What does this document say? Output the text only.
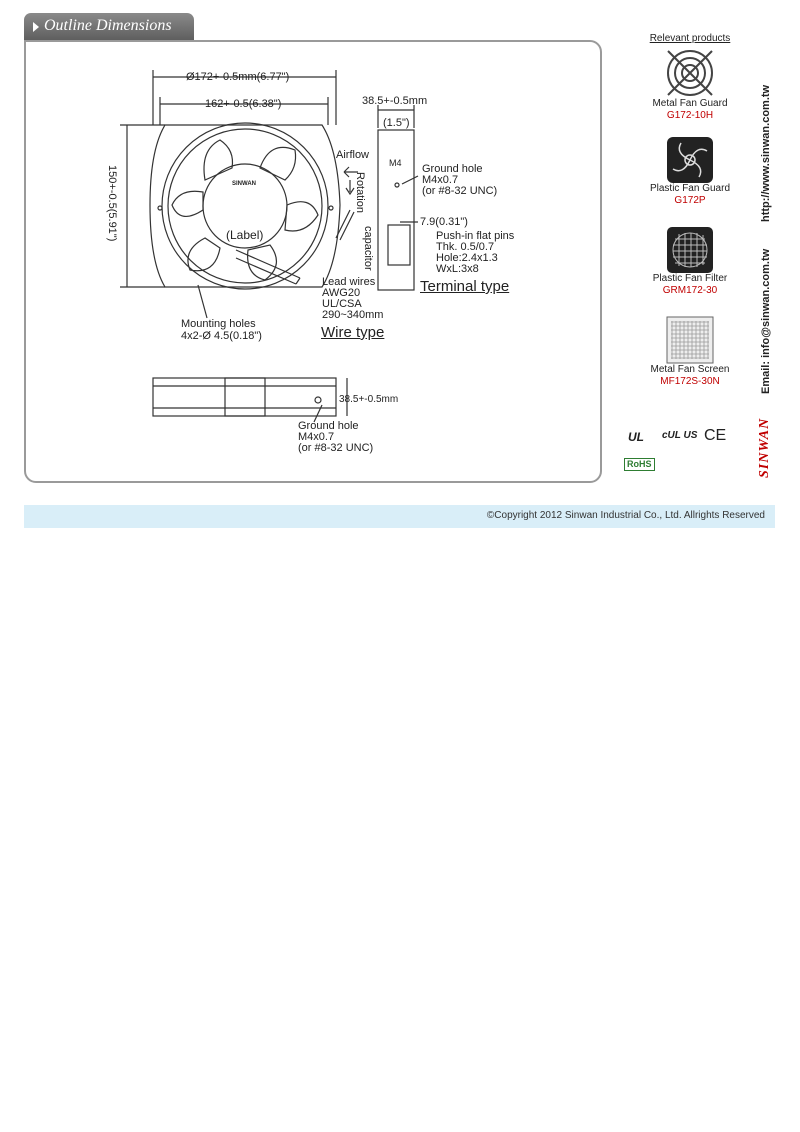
Outline Dimensions
Ø172+-0.5mm(6.77")
162+-0.5(6.38")
150+-0.5(5.91")
38.5+-0.5mm
(1.5")
Airflow
Rotation
(Label)
SINWAN
capacitor
M4 Ground hole
M4x0.7
(or #8-32 UNC)
7.9(0.31")
Push-in flat pins
Thk. 0.5/0.7
Hole:2.4x1.3
WxL:3x8
Terminal type
Lead wires
AWG20
UL/CSA
290~340mm
Wire type
Mounting holes
4x2-Ø 4.5(0.18")
38.5+-0.5mm
Ground hole
M4x0.7
(or #8-32 UNC)
Relevant products
Metal Fan Guard
G172-10H
Plastic Fan Guard
G172P
Plastic Fan Filter
GRM172-30
Metal Fan Screen
MF172S-30N
UL cUL US CE
RoHS
http://www.sinwan.com.tw
Email: info@sinwan.com.tw
SINWAN
©Copyright 2012 Sinwan Industrial Co., Ltd. Allrights Reserved
